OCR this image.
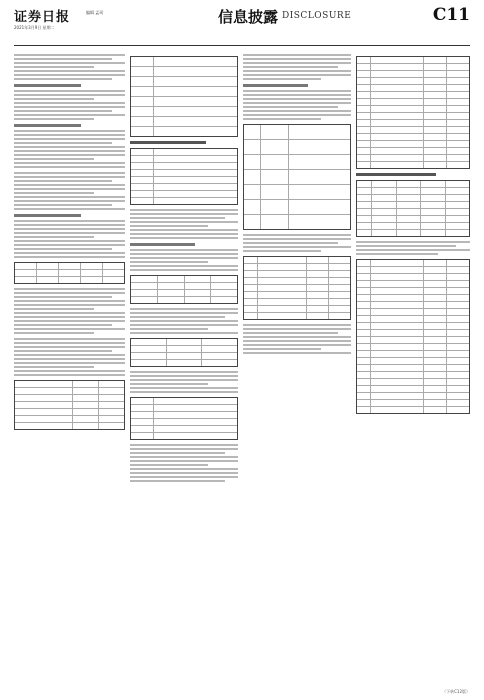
证券日报
2021年3月9日 星期二
编辑 孟珂	信息披露 DISCLOSURE	C11
（下转C12版）
